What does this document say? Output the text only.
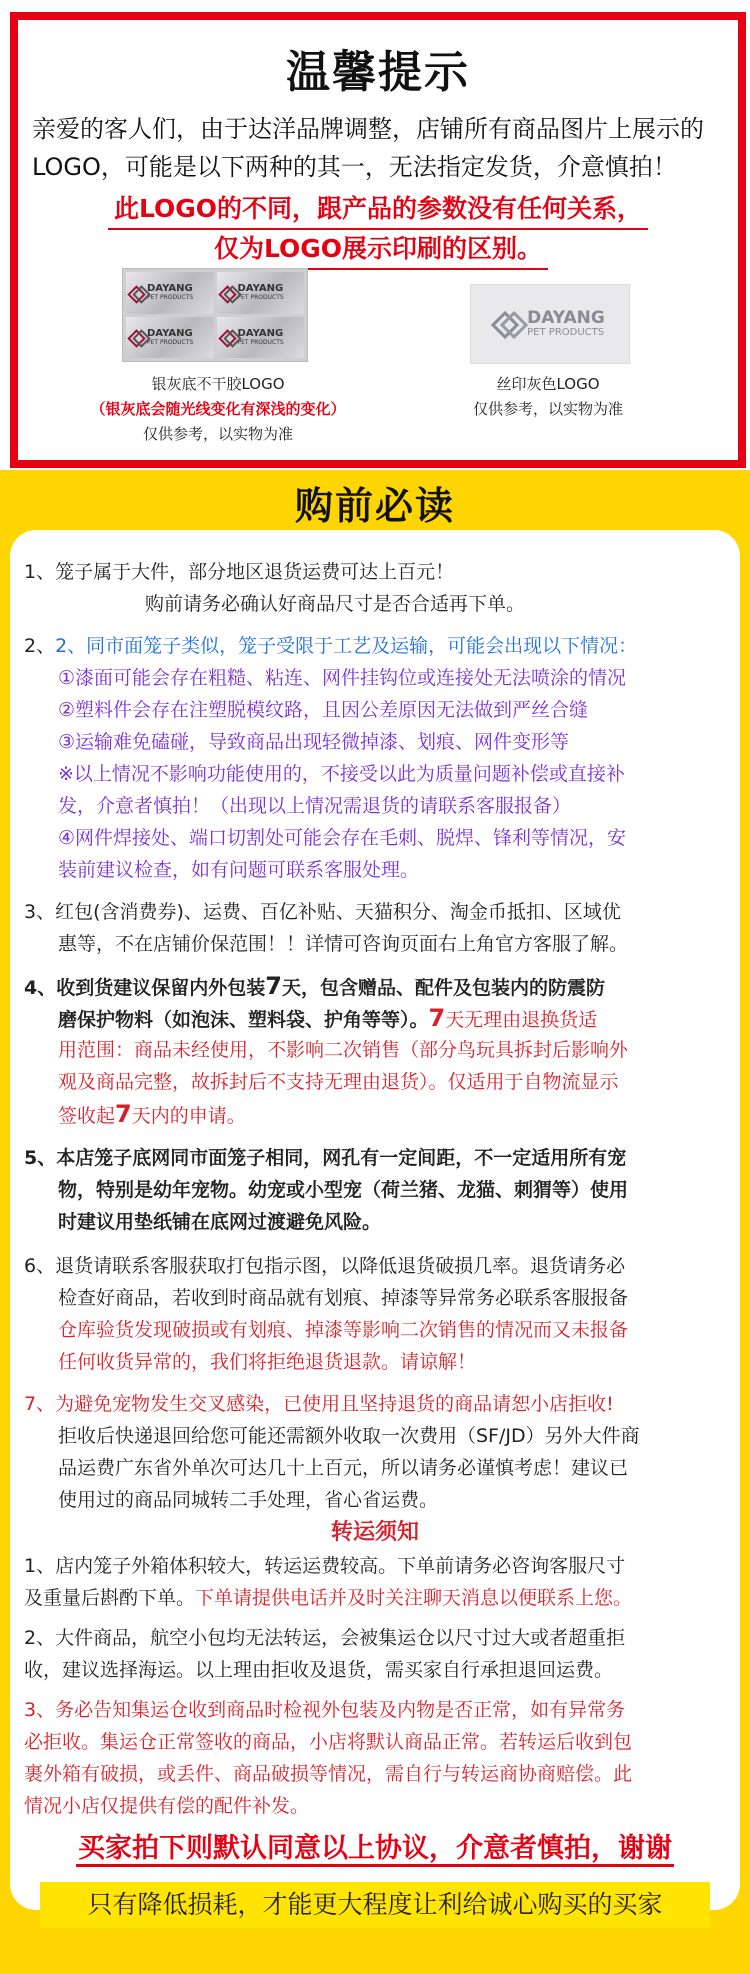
温馨提示
亲爱的客人们，由于达洋品牌调整，店铺所有商品图片上展示的LOGO，可能是以下两种的其一，无法指定发货，介意慎拍！
此LOGO的不同，跟产品的参数没有任何关系，
仅为LOGO展示印刷的区别。
DAYANG
PET PRODUCTS
DAYANG
PET PRODUCTS
DAYANG
PET PRODUCTS
DAYANG
PET PRODUCTS
DAYANG
PET PRODUCTS
银灰底不干胶LOGO
（银灰底会随光线变化有深浅的变化）
仅供参考，以实物为准
丝印灰色LOGO
仅供参考，以实物为准
购前必读
1、笼子属于大件，部分地区退货运费可达上百元！
购前请务必确认好商品尺寸是否合适再下单。
2、2、同市面笼子类似，笼子受限于工艺及运输，可能会出现以下情况：
①漆面可能会存在粗糙、粘连、网件挂钩位或连接处无法喷涂的情况
②塑料件会存在注塑脱模纹路，且因公差原因无法做到严丝合缝
③运输难免磕碰，导致商品出现轻微掉漆、划痕、网件变形等
※以上情况不影响功能使用的，不接受以此为质量问题补偿或直接补
发，介意者慎拍！（出现以上情况需退货的请联系客服报备）
④网件焊接处、端口切割处可能会存在毛刺、脱焊、锋利等情况，安
装前建议检查，如有问题可联系客服处理。
3、红包(含消费券)、运费、百亿补贴、天猫积分、淘金币抵扣、区域优
惠等，不在店铺价保范围！！详情可咨询页面右上角官方客服了解。
4、收到货建议保留内外包装7天，包含赠品、配件及包装内的防震防
磨保护物料（如泡沫、塑料袋、护角等等）。7天无理由退换货适
用范围：商品未经使用，不影响二次销售（部分鸟玩具拆封后影响外
观及商品完整，故拆封后不支持无理由退货）。仅适用于自物流显示
签收起7天内的申请。
5、本店笼子底网同市面笼子相同，网孔有一定间距，不一定适用所有宠
物，特别是幼年宠物。幼宠或小型宠（荷兰猪、龙猫、刺猬等）使用
时建议用垫纸铺在底网过渡避免风险。
6、退货请联系客服获取打包指示图，以降低退货破损几率。退货请务必
检查好商品，若收到时商品就有划痕、掉漆等异常务必联系客服报备
仓库验货发现破损或有划痕、掉漆等影响二次销售的情况而又未报备
任何收货异常的，我们将拒绝退货退款。请谅解！
7、为避免宠物发生交叉感染，已使用且坚持退货的商品请恕小店拒收!
拒收后快递退回给您可能还需额外收取一次费用（SF/JD）另外大件商
品运费广东省外单次可达几十上百元，所以请务必谨慎考虑！建议已
使用过的商品同城转二手处理，省心省运费。
转运须知
1、店内笼子外箱体积较大，转运运费较高。下单前请务必咨询客服尺寸
及重量后斟酌下单。下单请提供电话并及时关注聊天消息以便联系上您。
2、大件商品，航空小包均无法转运，会被集运仓以尺寸过大或者超重拒
收，建议选择海运。以上理由拒收及退货，需买家自行承担退回运费。
3、务必告知集运仓收到商品时检视外包装及内物是否正常，如有异常务
必拒收。集运仓正常签收的商品，小店将默认商品正常。若转运后收到包
裹外箱有破损，或丢件、商品破损等情况，需自行与转运商协商赔偿。此
情况小店仅提供有偿的配件补发。
买家拍下则默认同意以上协议，介意者慎拍，谢谢
只有降低损耗，才能更大程度让利给诚心购买的买家
